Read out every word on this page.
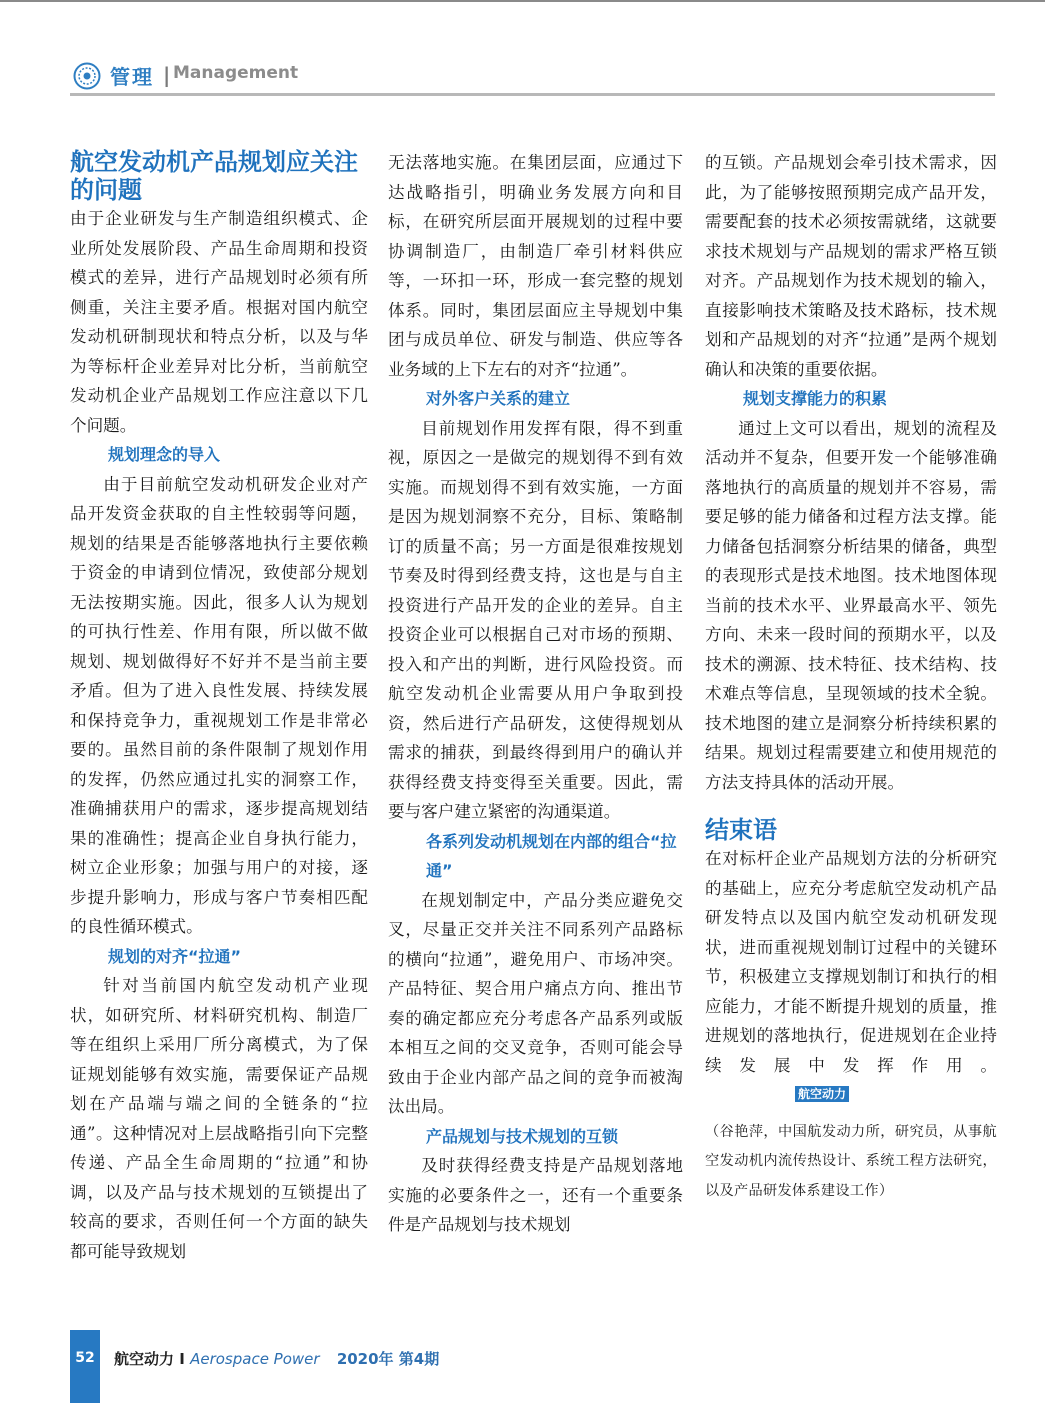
管理 | Management
航空发动机产品规划应关注的问题

由于企业研发与生产制造组织模式、企业所处发展阶段、产品生命周期和投资模式的差异，进行产品规划时必须有所侧重，关注主要矛盾。根据对国内航空发动机研制现状和特点分析，以及与华为等标杆企业差异对比分析，当前航空发动机企业产品规划工作应注意以下几个问题。

规划理念的导入

由于目前航空发动机研发企业对产品开发资金获取的自主性较弱等问题，规划的结果是否能够落地执行主要依赖于资金的申请到位情况，致使部分规划无法按期实施。因此，很多人认为规划的可执行性差、作用有限，所以做不做规划、规划做得好不好并不是当前主要矛盾。但为了进入良性发展、持续发展和保持竞争力，重视规划工作是非常必要的。虽然目前的条件限制了规划作用的发挥，仍然应通过扎实的洞察工作，准确捕获用户的需求，逐步提高规划结果的准确性；提高企业自身执行能力，树立企业形象；加强与用户的对接，逐步提升影响力，形成与客户节奏相匹配的良性循环模式。

规划的对齐“拉通”

针对当前国内航空发动机产业现状，如研究所、材料研究机构、制造厂等在组织上采用厂所分离模式，为了保证规划能够有效实施，需要保证产品规划在产品端与端之间的全链条的“拉通”。这种情况对上层战略指引向下完整传递、产品全生命周期的“拉通”和协调，以及产品与技术规划的互锁提出了较高的要求，否则任何一个方面的缺失都可能导致规划

无法落地实施。在集团层面，应通过下达战略指引，明确业务发展方向和目标，在研究所层面开展规划的过程中要协调制造厂，由制造厂牵引材料供应等，一环扣一环，形成一套完整的规划体系。同时，集团层面应主导规划中集团与成员单位、研发与制造、供应等各业务域的上下左右的对齐“拉通”。

对外客户关系的建立

目前规划作用发挥有限，得不到重视，原因之一是做完的规划得不到有效实施。而规划得不到有效实施，一方面是因为规划洞察不充分，目标、策略制订的质量不高；另一方面是很难按规划节奏及时得到经费支持，这也是与自主投资进行产品开发的企业的差异。自主投资企业可以根据自己对市场的预期、投入和产出的判断，进行风险投资。而航空发动机企业需要从用户争取到投资，然后进行产品研发，这使得规划从需求的捕获，到最终得到用户的确认并获得经费支持变得至关重要。因此，需要与客户建立紧密的沟通渠道。

各系列发动机规划在内部的组合“拉通”

在规划制定中，产品分类应避免交叉，尽量正交并关注不同系列产品路标的横向“拉通”，避免用户、市场冲突。产品特征、契合用户痛点方向、推出节奏的确定都应充分考虑各产品系列或版本相互之间的交叉竞争，否则可能会导致由于企业内部产品之间的竞争而被淘汰出局。

产品规划与技术规划的互锁

及时获得经费支持是产品规划落地实施的必要条件之一，还有一个重要条件是产品规划与技术规划

的互锁。产品规划会牵引技术需求，因此，为了能够按照预期完成产品开发，需要配套的技术必须按需就绪，这就要求技术规划与产品规划的需求严格互锁对齐。产品规划作为技术规划的输入，直接影响技术策略及技术路标，技术规划和产品规划的对齐“拉通”是两个规划确认和决策的重要依据。

规划支撑能力的积累

通过上文可以看出，规划的流程及活动并不复杂，但要开发一个能够准确落地执行的高质量的规划并不容易，需要足够的能力储备和过程方法支撑。能力储备包括洞察分析结果的储备，典型的表现形式是技术地图。技术地图体现当前的技术水平、业界最高水平、领先方向、未来一段时间的预期水平，以及技术的溯源、技术特征、技术结构、技术难点等信息，呈现领域的技术全貌。技术地图的建立是洞察分析持续积累的结果。规划过程需要建立和使用规范的方法支持具体的活动开展。

结束语

在对标杆企业产品规划方法的分析研究的基础上，应充分考虑航空发动机产品研发特点以及国内航空发动机研发现状，进而重视规划制订过程中的关键环节，积极建立支撑规划制订和执行的相应能力，才能不断提升规划的质量，推进规划的落地执行，促进规划在企业持续发展中发挥作用。航空动力

（谷艳萍，中国航发动力所，研究员，从事航空发动机内流传热设计、系统工程方法研究，以及产品研发体系建设工作）

52	航空动力 I Aerospace Power 2020年 第4期
